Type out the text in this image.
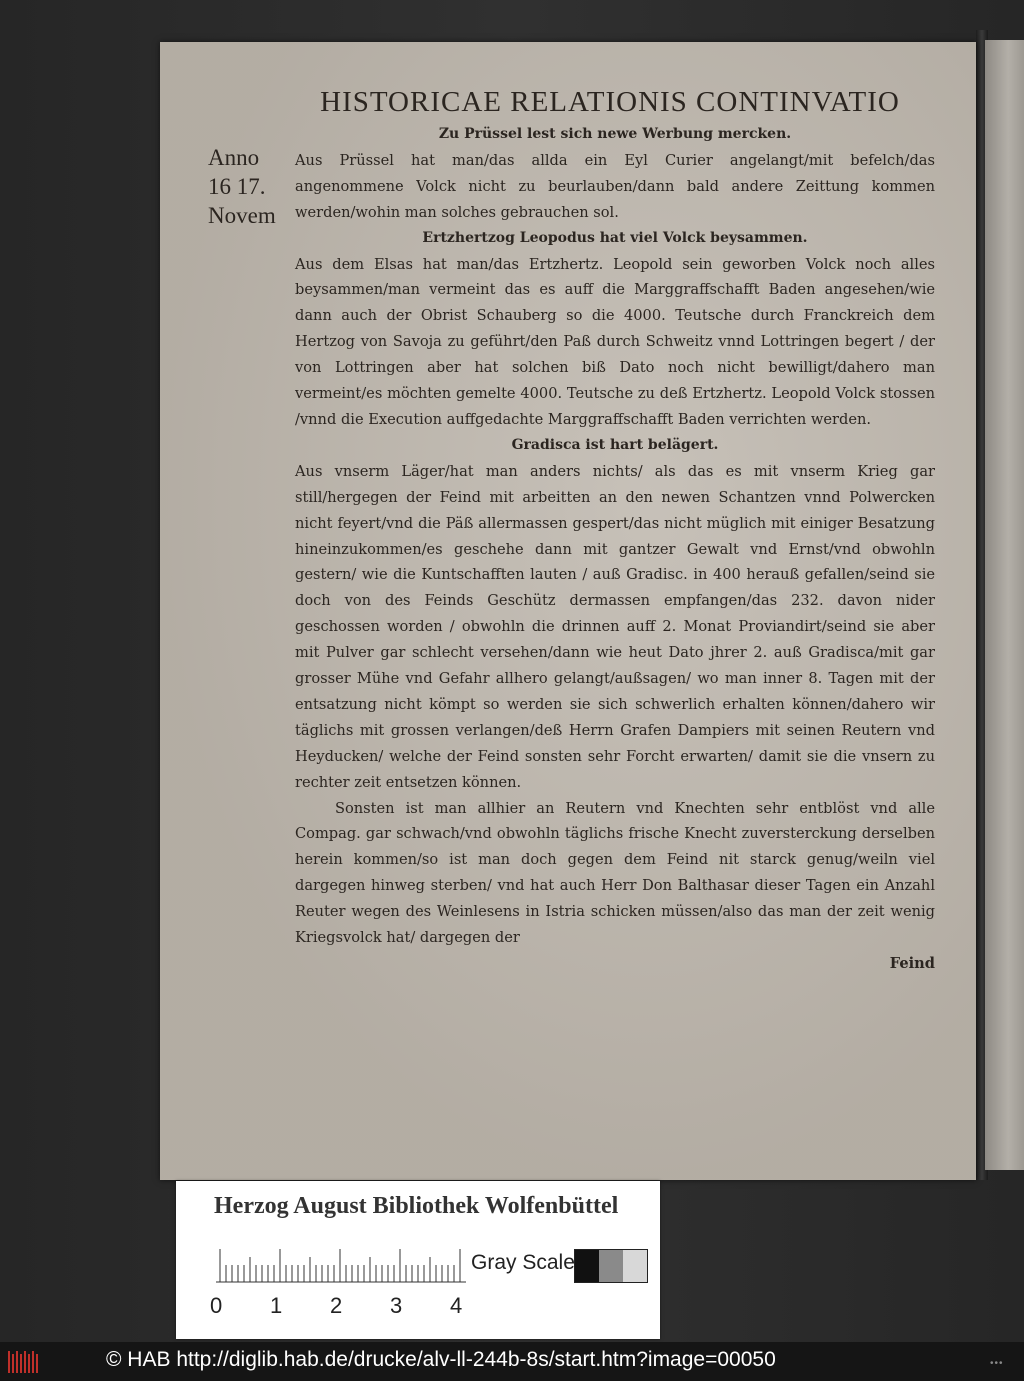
HISTORICAE RELATIONIS CONTINVATIO
Anno
16 17.
Novem
Zu Prüssel lest sich newe Werbung mercken.

Aus Prüssel hat man/das allda ein Eyl Curier angelangt/mit befelch/das angenommene Volck nicht zu beurlauben/dann bald andere Zeittung kommen werden/wohin man solches gebrauchen sol.

Ertzhertzog Leopodus hat viel Volck beysammen.

Aus dem Elsas hat man/das Ertzhertz. Leopold sein geworben Volck noch alles beysammen/man vermeint das es auff die Marggraffschafft Baden angesehen/wie dann auch der Obrist Schauberg so die 4000. Teutsche durch Franckreich dem Hertzog von Savoja zu geführt/den Paß durch Schweitz vnnd Lottringen begert / der von Lottringen aber hat solchen biß Dato noch nicht bewilligt/dahero man vermeint/es möchten gemelte 4000. Teutsche zu deß Ertzhertz. Leopold Volck stossen /vnnd die Execution auffgedachte Marggraffschafft Baden verrichten werden.

Gradisca ist hart belägert.

Aus vnserm Läger/hat man anders nichts/ als das es mit vnserm Krieg gar still/hergegen der Feind mit arbeitten an den newen Schantzen vnnd Polwercken nicht feyert/vnd die Päß allermassen gespert/das nicht müglich mit einiger Besatzung hineinzukommen/es geschehe dann mit gantzer Gewalt vnd Ernst/vnd obwohln gestern/ wie die Kuntschafften lauten / auß Gradisc. in 400 herauß gefallen/seind sie doch von des Feinds Geschütz dermassen empfangen/das 232. davon nider geschossen worden / obwohln die drinnen auff 2. Monat Proviandirt/seind sie aber mit Pulver gar schlecht versehen/dann wie heut Dato jhrer 2. auß Gradisca/mit gar grosser Mühe vnd Gefahr allhero gelangt/außsagen/ wo man inner 8. Tagen mit der entsatzung nicht kömpt so werden sie sich schwerlich erhalten können/dahero wir täglichs mit grossen verlangen/deß Herrn Grafen Dampiers mit seinen Reutern vnd Heyducken/ welche der Feind sonsten sehr Forcht erwarten/ damit sie die vnsern zu rechter zeit entsetzen können.

Sonsten ist man allhier an Reutern vnd Knechten sehr entblöst vnd alle Compag. gar schwach/vnd obwohln täglichs frische Knecht zuversterckung derselben herein kommen/so ist man doch gegen dem Feind nit starck genug/weiln viel dargegen hinweg sterben/ vnd hat auch Herr Don Balthasar dieser Tagen ein Anzahl Reuter wegen des Weinlesens in Istria schicken müssen/also das man der zeit wenig Kriegsvolck hat/ dargegen der

Feind
Herzog August Bibliothek Wolfenbüttel
0 1 2 3 4
Gray Scale
© HAB http://diglib.hab.de/drucke/alv-ll-244b-8s/start.htm?image=00050	•••
